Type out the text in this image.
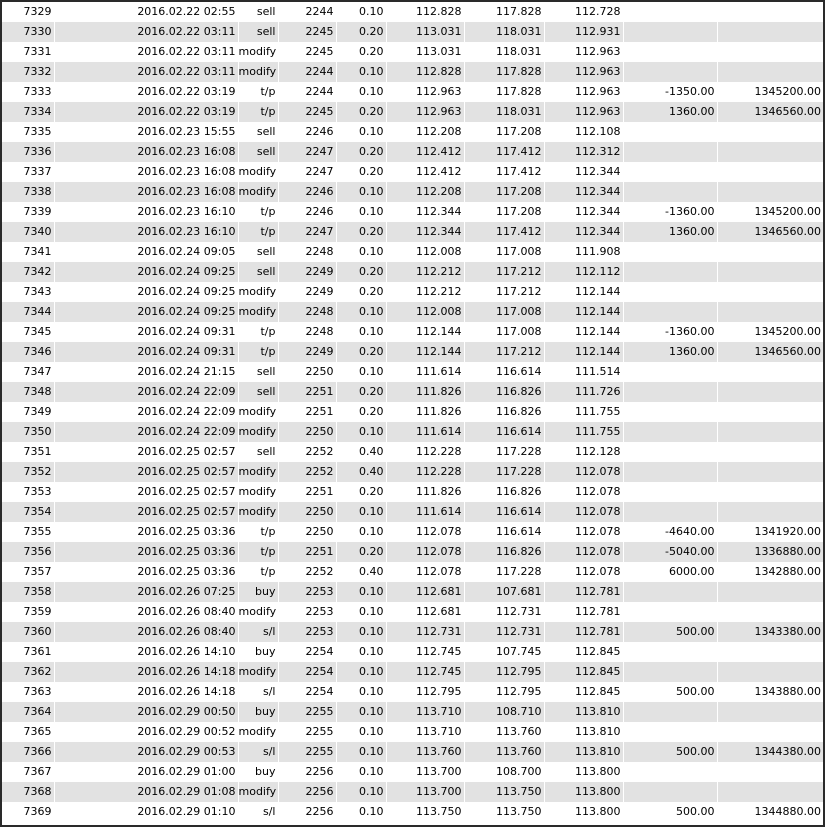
7329	2016.02.22 02:55	sell	2244	0.10	112.828	117.828	112.728		
7330	2016.02.22 03:11	sell	2245	0.20	113.031	118.031	112.931		
7331	2016.02.22 03:11	modify	2245	0.20	113.031	118.031	112.963		
7332	2016.02.22 03:11	modify	2244	0.10	112.828	117.828	112.963		
7333	2016.02.22 03:19	t/p	2244	0.10	112.963	117.828	112.963	-1350.00	1345200.00
7334	2016.02.22 03:19	t/p	2245	0.20	112.963	118.031	112.963	1360.00	1346560.00
7335	2016.02.23 15:55	sell	2246	0.10	112.208	117.208	112.108		
7336	2016.02.23 16:08	sell	2247	0.20	112.412	117.412	112.312		
7337	2016.02.23 16:08	modify	2247	0.20	112.412	117.412	112.344		
7338	2016.02.23 16:08	modify	2246	0.10	112.208	117.208	112.344		
7339	2016.02.23 16:10	t/p	2246	0.10	112.344	117.208	112.344	-1360.00	1345200.00
7340	2016.02.23 16:10	t/p	2247	0.20	112.344	117.412	112.344	1360.00	1346560.00
7341	2016.02.24 09:05	sell	2248	0.10	112.008	117.008	111.908		
7342	2016.02.24 09:25	sell	2249	0.20	112.212	117.212	112.112		
7343	2016.02.24 09:25	modify	2249	0.20	112.212	117.212	112.144		
7344	2016.02.24 09:25	modify	2248	0.10	112.008	117.008	112.144		
7345	2016.02.24 09:31	t/p	2248	0.10	112.144	117.008	112.144	-1360.00	1345200.00
7346	2016.02.24 09:31	t/p	2249	0.20	112.144	117.212	112.144	1360.00	1346560.00
7347	2016.02.24 21:15	sell	2250	0.10	111.614	116.614	111.514		
7348	2016.02.24 22:09	sell	2251	0.20	111.826	116.826	111.726		
7349	2016.02.24 22:09	modify	2251	0.20	111.826	116.826	111.755		
7350	2016.02.24 22:09	modify	2250	0.10	111.614	116.614	111.755		
7351	2016.02.25 02:57	sell	2252	0.40	112.228	117.228	112.128		
7352	2016.02.25 02:57	modify	2252	0.40	112.228	117.228	112.078		
7353	2016.02.25 02:57	modify	2251	0.20	111.826	116.826	112.078		
7354	2016.02.25 02:57	modify	2250	0.10	111.614	116.614	112.078		
7355	2016.02.25 03:36	t/p	2250	0.10	112.078	116.614	112.078	-4640.00	1341920.00
7356	2016.02.25 03:36	t/p	2251	0.20	112.078	116.826	112.078	-5040.00	1336880.00
7357	2016.02.25 03:36	t/p	2252	0.40	112.078	117.228	112.078	6000.00	1342880.00
7358	2016.02.26 07:25	buy	2253	0.10	112.681	107.681	112.781		
7359	2016.02.26 08:40	modify	2253	0.10	112.681	112.731	112.781		
7360	2016.02.26 08:40	s/l	2253	0.10	112.731	112.731	112.781	500.00	1343380.00
7361	2016.02.26 14:10	buy	2254	0.10	112.745	107.745	112.845		
7362	2016.02.26 14:18	modify	2254	0.10	112.745	112.795	112.845		
7363	2016.02.26 14:18	s/l	2254	0.10	112.795	112.795	112.845	500.00	1343880.00
7364	2016.02.29 00:50	buy	2255	0.10	113.710	108.710	113.810		
7365	2016.02.29 00:52	modify	2255	0.10	113.710	113.760	113.810		
7366	2016.02.29 00:53	s/l	2255	0.10	113.760	113.760	113.810	500.00	1344380.00
7367	2016.02.29 01:00	buy	2256	0.10	113.700	108.700	113.800		
7368	2016.02.29 01:08	modify	2256	0.10	113.700	113.750	113.800		
7369	2016.02.29 01:10	s/l	2256	0.10	113.750	113.750	113.800	500.00	1344880.00
